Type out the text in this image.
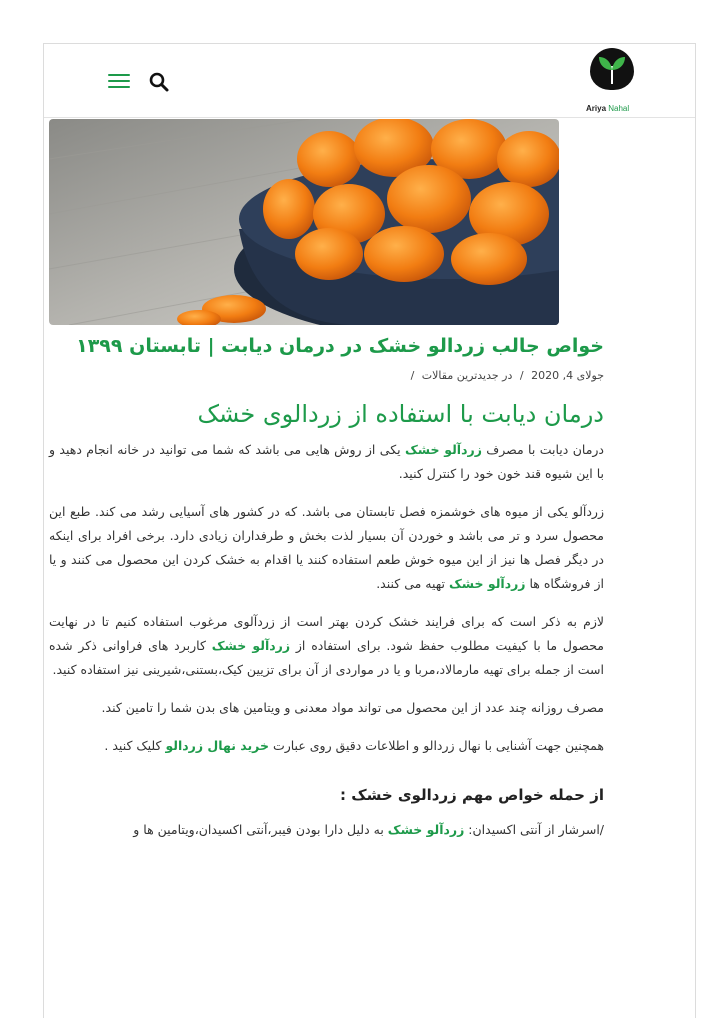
Ariya Nahal
خواص جالب زردالو خشک در درمان دیابت | تابستان ۱۳۹۹
جولای 4, 2020 / در جدیدترین مقالات /
درمان دیابت با استفاده از زردالوی خشک

درمان دیابت با مصرف زردآلو خشک یکی از روش هایی می باشد که شما می توانید در خانه انجام دهید و با این شیوه قند خون خود را کنترل کنید.

زردآلو یکی از میوه های خوشمزه فصل تابستان می باشد. که در کشور های آسیایی رشد می کند. طبع این محصول سرد و تر می باشد و خوردن آن بسیار لذت بخش و طرفداران زیادی دارد. برخی افراد برای اینکه در دیگر فصل ها نیز از این میوه خوش طعم استفاده کنند یا اقدام به خشک کردن این محصول می کنند و یا از فروشگاه ها زردآلو خشک تهیه می کنند.

لازم به ذکر است که برای فرایند خشک کردن بهتر است از زردآلوی مرغوب استفاده کنیم تا در نهایت محصول ما با کیفیت مطلوب حفظ شود. برای استفاده از زردآلو خشک کاربرد های فراوانی ذکر شده است از جمله برای تهیه مارمالاد،مربا و یا در مواردی از آن برای تزیین کیک،بستنی،شیرینی نیز استفاده کنید.

مصرف روزانه چند عدد از این محصول می تواند مواد معدنی و ویتامین های بدن شما را تامین کند.

همچنین جهت آشنایی با نهال زردالو و اطلاعات دقیق روی عبارت خرید نهال زردالو کلیک کنید .

از حمله خواص مهم زردالوی خشک :

/اسرشار از آنتی اکسیدان: زردآلو خشک به دلیل دارا بودن فیبر،آنتی اکسیدان،ویتامین ها و
